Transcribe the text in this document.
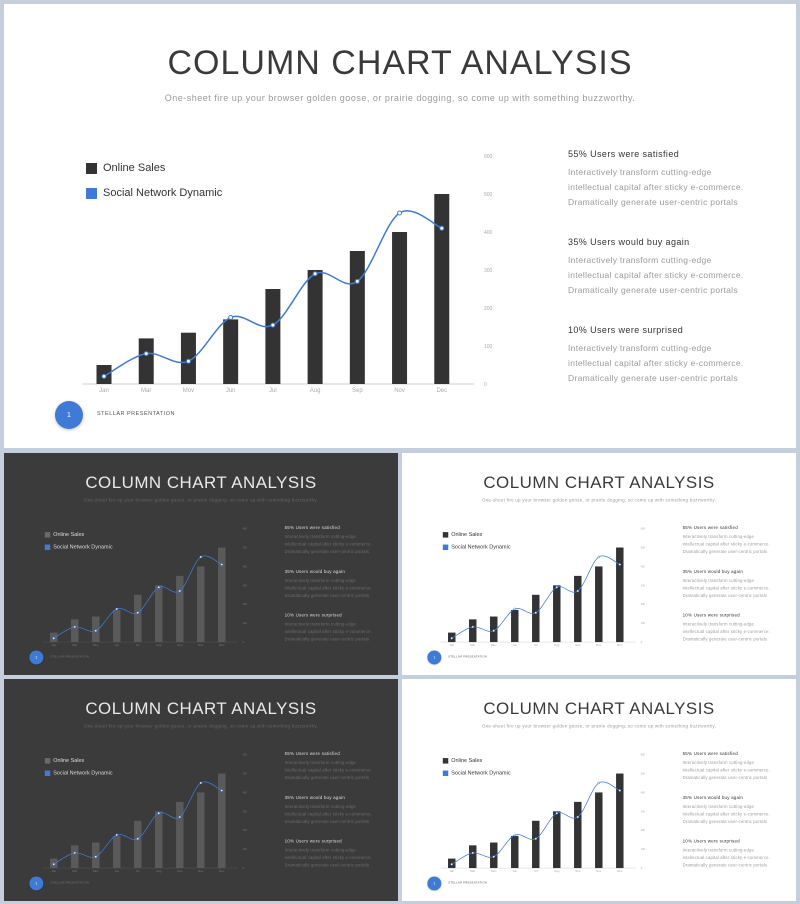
COLUMN CHART ANALYSIS
One-sheet fire up your browser golden goose, or prairie dogging, so come up with something buzzworthy.
Online Sales
Social Network Dynamic
0
100
200
300
400
500
600
Jan	Mar	Mov	Jun	Jul	Aug	Sep	Nov	Dec
55% Users were satisfied
Interactively transform cutting-edge
intellectual capital after sticky e-commerce.
Dramatically generate user-centric portals
35% Users would buy again
Interactively transform cutting-edge
intellectual capital after sticky e-commerce.
Dramatically generate user-centric portals
10% Users were surprised
Interactively transform cutting-edge
intellectual capital after sticky e-commerce.
Dramatically generate user-centric portals
1	STELLAR PRESENTATION
COLUMN CHART ANALYSIS
One-sheet fire up your browser golden goose, or prairie dogging, so come up with something buzzworthy.
Online Sales
Social Network Dynamic
0
100
200
300
400
500
600
Jan	Mar	Mov	Jun	Jul	Aug	Sep	Nov	Dec
55% Users were satisfied
Interactively transform cutting-edge
intellectual capital after sticky e-commerce.
Dramatically generate user-centric portals
35% Users would buy again
Interactively transform cutting-edge
intellectual capital after sticky e-commerce.
Dramatically generate user-centric portals
10% Users were surprised
Interactively transform cutting-edge
intellectual capital after sticky e-commerce.
Dramatically generate user-centric portals
1	STELLAR PRESENTATION
COLUMN CHART ANALYSIS
One-sheet fire up your browser golden goose, or prairie dogging, so come up with something buzzworthy.
Online Sales
Social Network Dynamic
0
100
200
300
400
500
600
Jan	Mar	Mov	Jun	Jul	Aug	Sep	Nov	Dec
55% Users were satisfied
Interactively transform cutting-edge
intellectual capital after sticky e-commerce.
Dramatically generate user-centric portals
35% Users would buy again
Interactively transform cutting-edge
intellectual capital after sticky e-commerce.
Dramatically generate user-centric portals
10% Users were surprised
Interactively transform cutting-edge
intellectual capital after sticky e-commerce.
Dramatically generate user-centric portals
1	STELLAR PRESENTATION
COLUMN CHART ANALYSIS
One-sheet fire up your browser golden goose, or prairie dogging, so come up with something buzzworthy.
Online Sales
Social Network Dynamic
0
100
200
300
400
500
600
Jan	Mar	Mov	Jun	Jul	Aug	Sep	Nov	Dec
55% Users were satisfied
Interactively transform cutting-edge
intellectual capital after sticky e-commerce.
Dramatically generate user-centric portals
35% Users would buy again
Interactively transform cutting-edge
intellectual capital after sticky e-commerce.
Dramatically generate user-centric portals
10% Users were surprised
Interactively transform cutting-edge
intellectual capital after sticky e-commerce.
Dramatically generate user-centric portals
1	STELLAR PRESENTATION
COLUMN CHART ANALYSIS
One-sheet fire up your browser golden goose, or prairie dogging, so come up with something buzzworthy.
Online Sales
Social Network Dynamic
0
100
200
300
400
500
600
Jan	Mar	Mov	Jun	Jul	Aug	Sep	Nov	Dec
55% Users were satisfied
Interactively transform cutting-edge
intellectual capital after sticky e-commerce.
Dramatically generate user-centric portals
35% Users would buy again
Interactively transform cutting-edge
intellectual capital after sticky e-commerce.
Dramatically generate user-centric portals
10% Users were surprised
Interactively transform cutting-edge
intellectual capital after sticky e-commerce.
Dramatically generate user-centric portals
1	STELLAR PRESENTATION
